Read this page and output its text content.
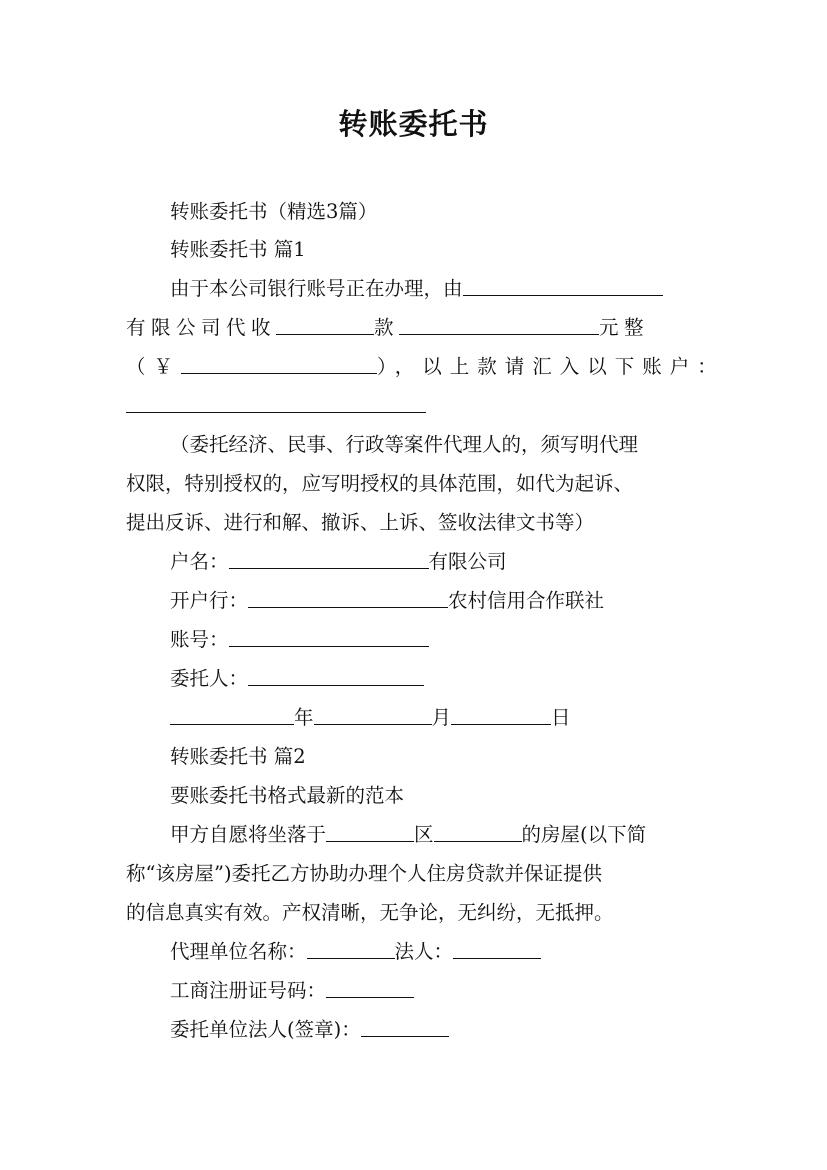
转账委托书
转账委托书（精选3篇）
转账委托书 篇1
由于本公司银行账号正在办理，由
有限公司代收	款	元整
（￥	），以上款请汇入以下账户：
（委托经济、民事、行政等案件代理人的，须写明代理
权限，特别授权的，应写明授权的具体范围，如代为起诉、
提出反诉、进行和解、撤诉、上诉、签收法律文书等）
户名：	有限公司
开户行：	农村信用合作联社
账号：
委托人：
年	月	日
转账委托书 篇2
要账委托书格式最新的范本
甲方自愿将坐落于	区	的房屋(以下简
称“该房屋”)委托乙方协助办理个人住房贷款并保证提供
的信息真实有效。产权清晰，无争论，无纠纷，无抵押。
代理单位名称：	法人：
工商注册证号码：
委托单位法人(签章)：
